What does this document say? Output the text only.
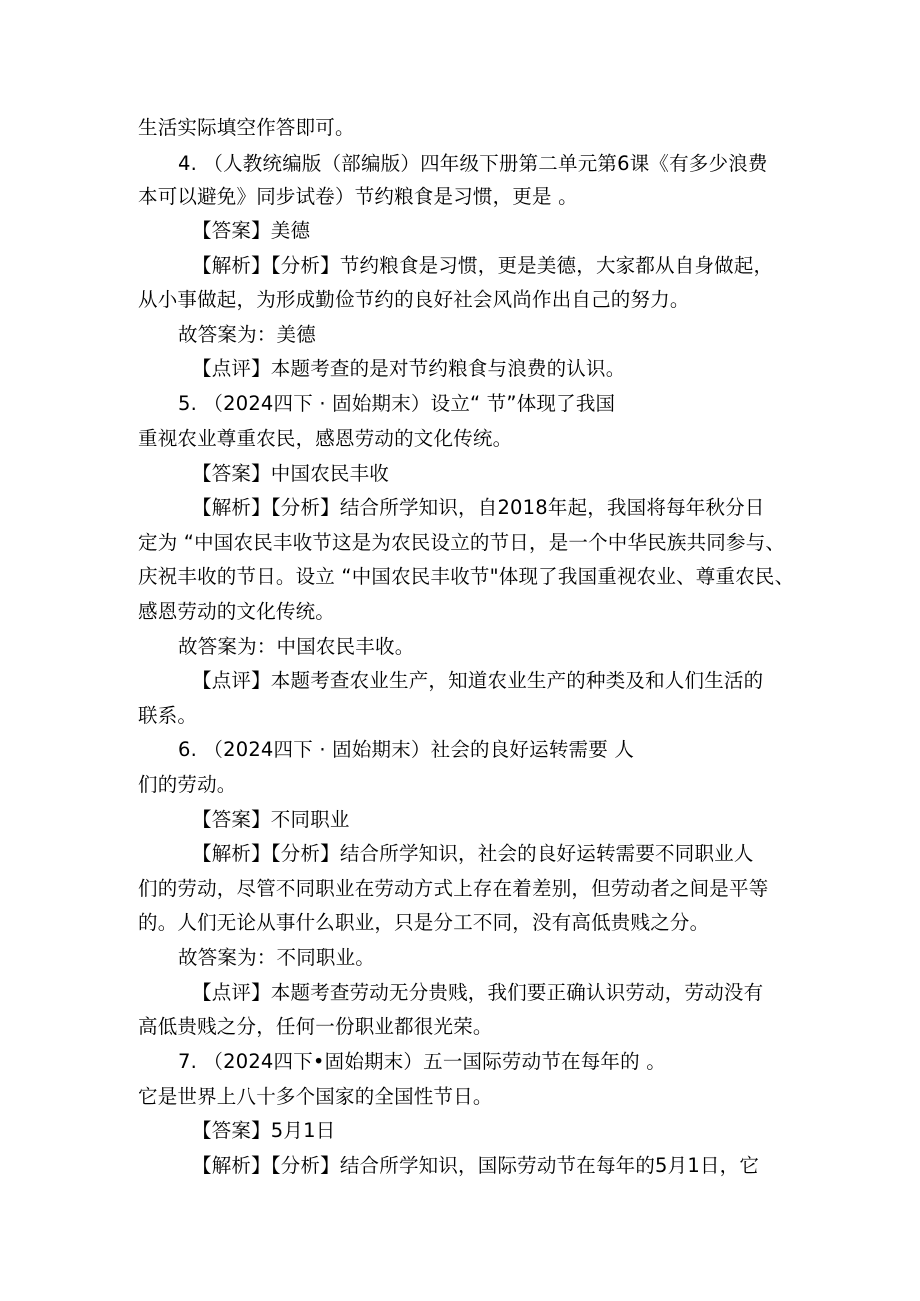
生活实际填空作答即可。
4. （人教统编版（部编版）四年级下册第二单元第6课《有多少浪费
本可以避免》同步试卷）节约粮食是习惯，更是 。
【答案】美德
【解析】【分析】节约粮食是习惯，更是美德，大家都从自身做起，
从小事做起，为形成勤俭节约的良好社会风尚作出自己的努力。
故答案为：美德
【点评】本题考查的是对节约粮食与浪费的认识。
5. （2024四下 · 固始期末）设立“ 节”体现了我国
重视农业尊重农民，感恩劳动的文化传统。
【答案】中国农民丰收
【解析】【分析】结合所学知识，自2018年起，我国将每年秋分日
定为 “中国农民丰收节这是为农民设立的节日，是一个中华民族共同参与、
庆祝丰收的节日。设立 “中国农民丰收节"体现了我国重视农业、尊重农民、
感恩劳动的文化传统。
故答案为：中国农民丰收。
【点评】本题考查农业生产，知道农业生产的种类及和人们生活的
联系。
6. （2024四下 · 固始期末）社会的良好运转需要 人
们的劳动。
【答案】不同职业
【解析】【分析】结合所学知识，社会的良好运转需要不同职业人
们的劳动，尽管不同职业在劳动方式上存在着差别，但劳动者之间是平等
的。人们无论从事什么职业，只是分工不同，没有高低贵贱之分。
故答案为：不同职业。
【点评】本题考查劳动无分贵贱，我们要正确认识劳动，劳动没有
高低贵贱之分，任何一份职业都很光荣。
7. （2024四下•固始期末）五一国际劳动节在每年的 。
它是世界上八十多个国家的全国性节日。
【答案】5月1日
【解析】【分析】结合所学知识，国际劳动节在每年的5月1日，它
